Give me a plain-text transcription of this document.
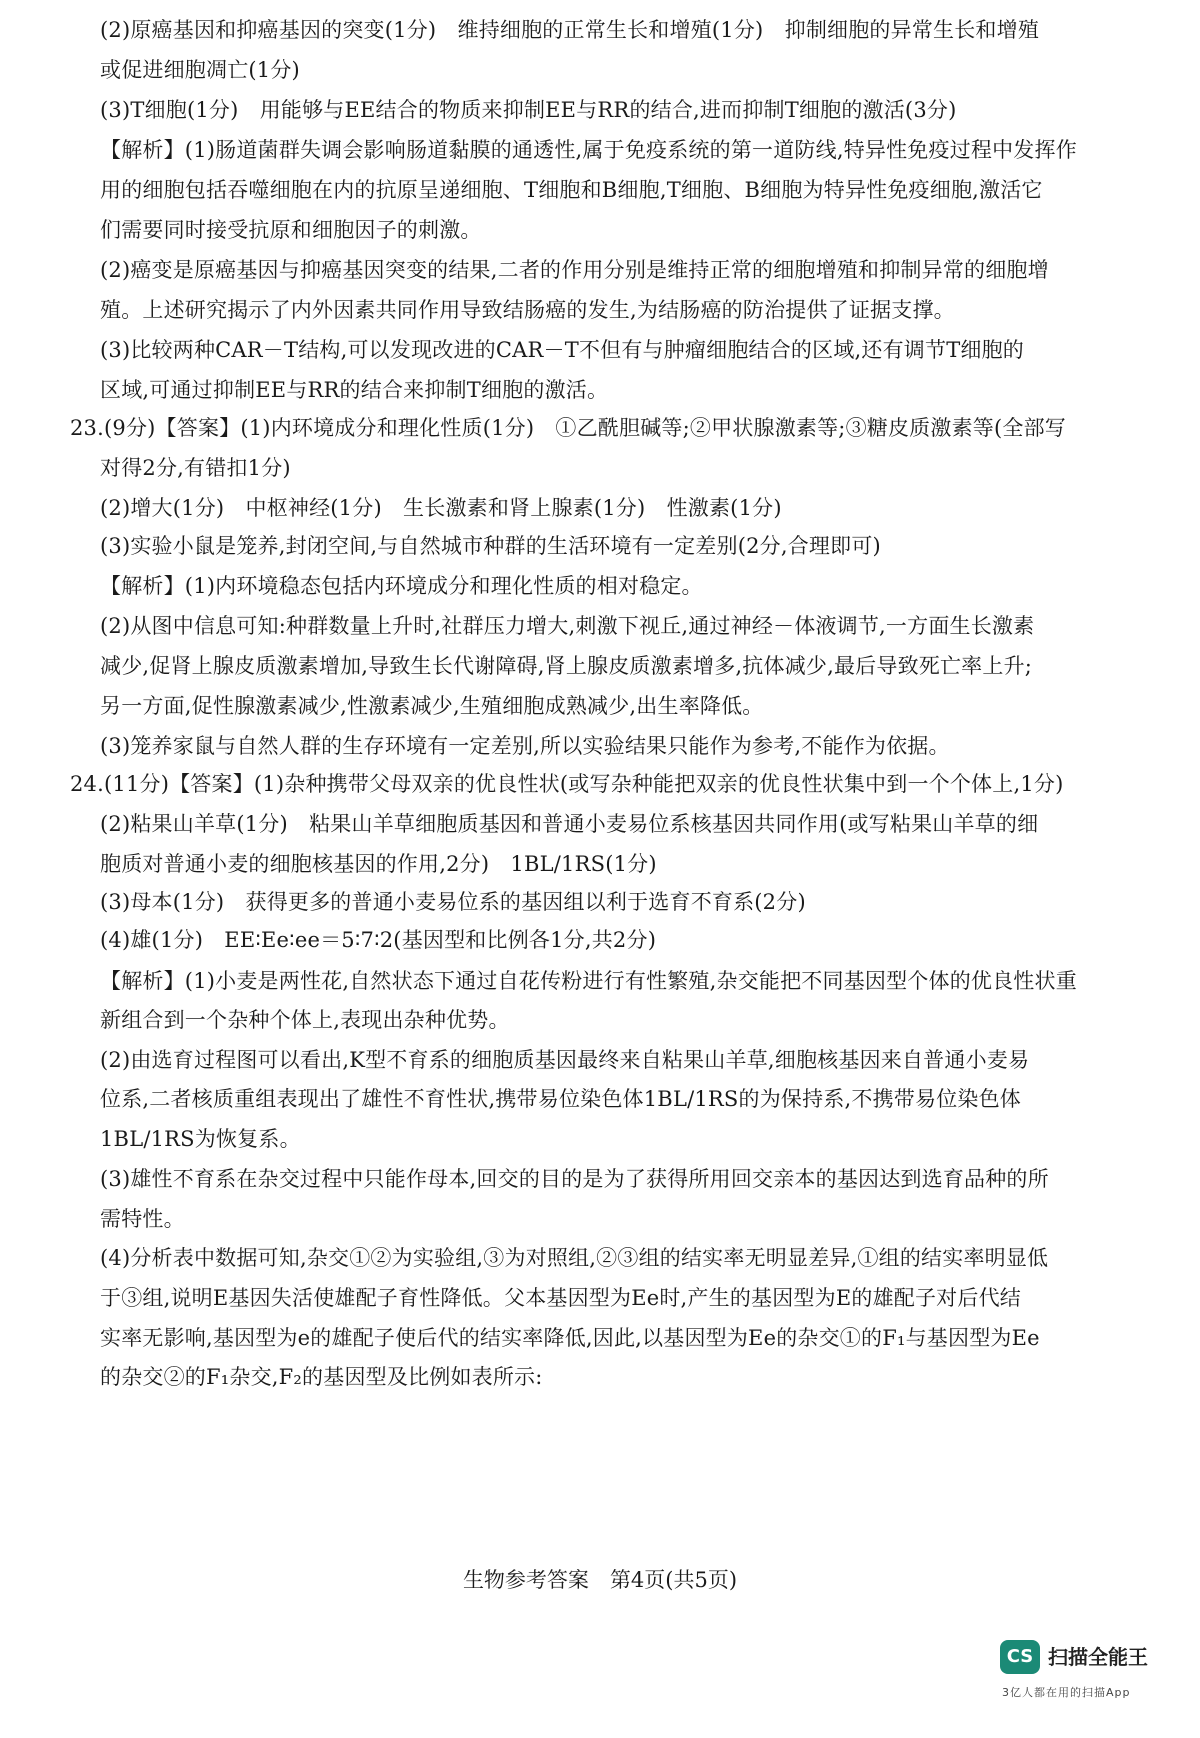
(2)原癌基因和抑癌基因的突变(1分)　维持细胞的正常生长和增殖(1分)　抑制细胞的异常生长和增殖
或促进细胞凋亡(1分)
(3)T细胞(1分)　用能够与EE结合的物质来抑制EE与RR的结合,进而抑制T细胞的激活(3分)
【解析】(1)肠道菌群失调会影响肠道黏膜的通透性,属于免疫系统的第一道防线,特异性免疫过程中发挥作
用的细胞包括吞噬细胞在内的抗原呈递细胞、T细胞和B细胞,T细胞、B细胞为特异性免疫细胞,激活它
们需要同时接受抗原和细胞因子的刺激。
(2)癌变是原癌基因与抑癌基因突变的结果,二者的作用分别是维持正常的细胞增殖和抑制异常的细胞增
殖。上述研究揭示了内外因素共同作用导致结肠癌的发生,为结肠癌的防治提供了证据支撑。
(3)比较两种CAR－T结构,可以发现改进的CAR－T不但有与肿瘤细胞结合的区域,还有调节T细胞的
区域,可通过抑制EE与RR的结合来抑制T细胞的激活。
23.(9分)【答案】(1)内环境成分和理化性质(1分)　①乙酰胆碱等;②甲状腺激素等;③糖皮质激素等(全部写
对得2分,有错扣1分)
(2)增大(1分)　中枢神经(1分)　生长激素和肾上腺素(1分)　性激素(1分)
(3)实验小鼠是笼养,封闭空间,与自然城市种群的生活环境有一定差别(2分,合理即可)
【解析】(1)内环境稳态包括内环境成分和理化性质的相对稳定。
(2)从图中信息可知:种群数量上升时,社群压力增大,刺激下视丘,通过神经－体液调节,一方面生长激素
减少,促肾上腺皮质激素增加,导致生长代谢障碍,肾上腺皮质激素增多,抗体减少,最后导致死亡率上升;
另一方面,促性腺激素减少,性激素减少,生殖细胞成熟减少,出生率降低。
(3)笼养家鼠与自然人群的生存环境有一定差别,所以实验结果只能作为参考,不能作为依据。
24.(11分)【答案】(1)杂种携带父母双亲的优良性状(或写杂种能把双亲的优良性状集中到一个个体上,1分)
(2)粘果山羊草(1分)　粘果山羊草细胞质基因和普通小麦易位系核基因共同作用(或写粘果山羊草的细
胞质对普通小麦的细胞核基因的作用,2分)　1BL/1RS(1分)
(3)母本(1分)　获得更多的普通小麦易位系的基因组以利于选育不育系(2分)
(4)雄(1分)　EE∶Ee∶ee＝5∶7∶2(基因型和比例各1分,共2分)
【解析】(1)小麦是两性花,自然状态下通过自花传粉进行有性繁殖,杂交能把不同基因型个体的优良性状重
新组合到一个杂种个体上,表现出杂种优势。
(2)由选育过程图可以看出,K型不育系的细胞质基因最终来自粘果山羊草,细胞核基因来自普通小麦易
位系,二者核质重组表现出了雄性不育性状,携带易位染色体1BL/1RS的为保持系,不携带易位染色体
1BL/1RS为恢复系。
(3)雄性不育系在杂交过程中只能作母本,回交的目的是为了获得所用回交亲本的基因达到选育品种的所
需特性。
(4)分析表中数据可知,杂交①②为实验组,③为对照组,②③组的结实率无明显差异,①组的结实率明显低
于③组,说明E基因失活使雄配子育性降低。父本基因型为Ee时,产生的基因型为E的雄配子对后代结
实率无影响,基因型为e的雄配子使后代的结实率降低,因此,以基因型为Ee的杂交①的F₁与基因型为Ee
的杂交②的F₁杂交,F₂的基因型及比例如表所示:
生物参考答案　第4页(共5页)
CS 扫描全能王
3亿人都在用的扫描App
